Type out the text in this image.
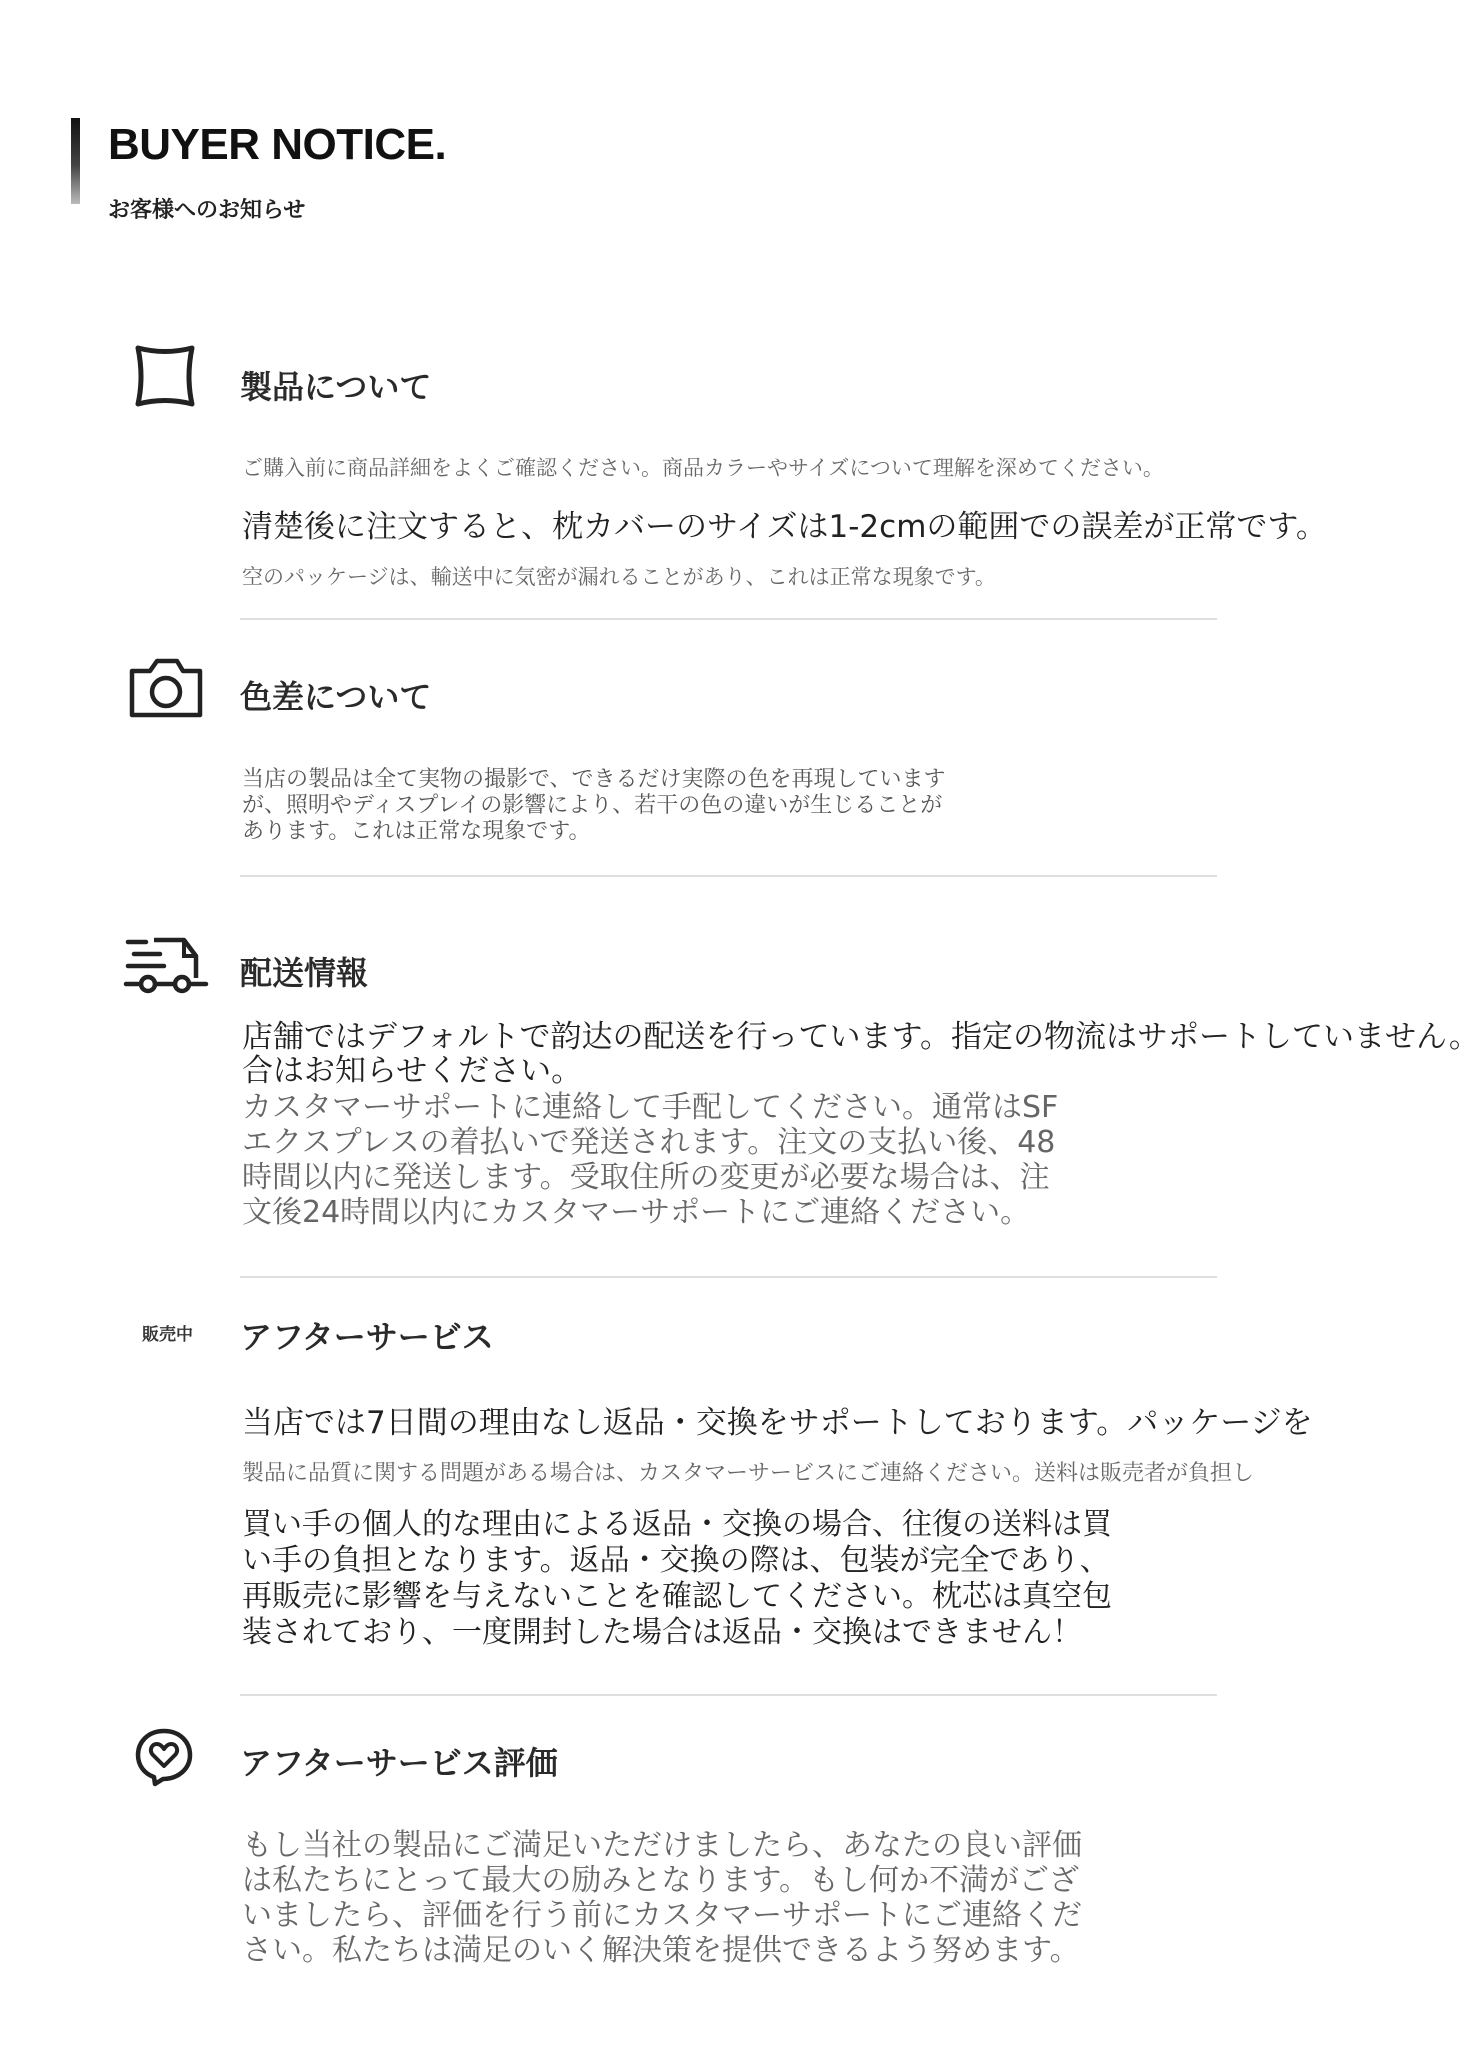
BUYER NOTICE.
お客様へのお知らせ
製品について
ご購入前に商品詳細をよくご確認ください。商品カラーやサイズについて理解を深めてください。
清楚後に注文すると、枕カバーのサイズは1-2cmの範囲での誤差が正常です。
空のパッケージは、輸送中に気密が漏れることがあり、これは正常な現象です。
色差について

当店の製品は全て実物の撮影で、できるだけ実際の色を再現しています
が、照明やディスプレイの影響により、若干の色の違いが生じることが
あります。これは正常な現象です。

配送情報
店舗ではデフォルトで韵达の配送を行っています。指定の物流はサポートしていません。
合はお知らせください。

カスタマーサポートに連絡して手配してください。通常はSF
エクスプレスの着払いで発送されます。注文の支払い後、48
時間以内に発送します。受取住所の変更が必要な場合は、注
文後24時間以内にカスタマーサポートにご連絡ください。

販売中 アフターサービス
当店では7日間の理由なし返品・交換をサポートしております。パッケージを
製品に品質に関する問題がある場合は、カスタマーサービスにご連絡ください。送料は販売者が負担し

買い手の個人的な理由による返品・交換の場合、往復の送料は買
い手の負担となります。返品・交換の際は、包装が完全であり、
再販売に影響を与えないことを確認してください。枕芯は真空包
装されており、一度開封した場合は返品・交換はできません！

アフターサービス評価

もし当社の製品にご満足いただけましたら、あなたの良い評価
は私たちにとって最大の励みとなります。もし何か不満がござ
いましたら、評価を行う前にカスタマーサポートにご連絡くだ
さい。私たちは満足のいく解決策を提供できるよう努めます。
